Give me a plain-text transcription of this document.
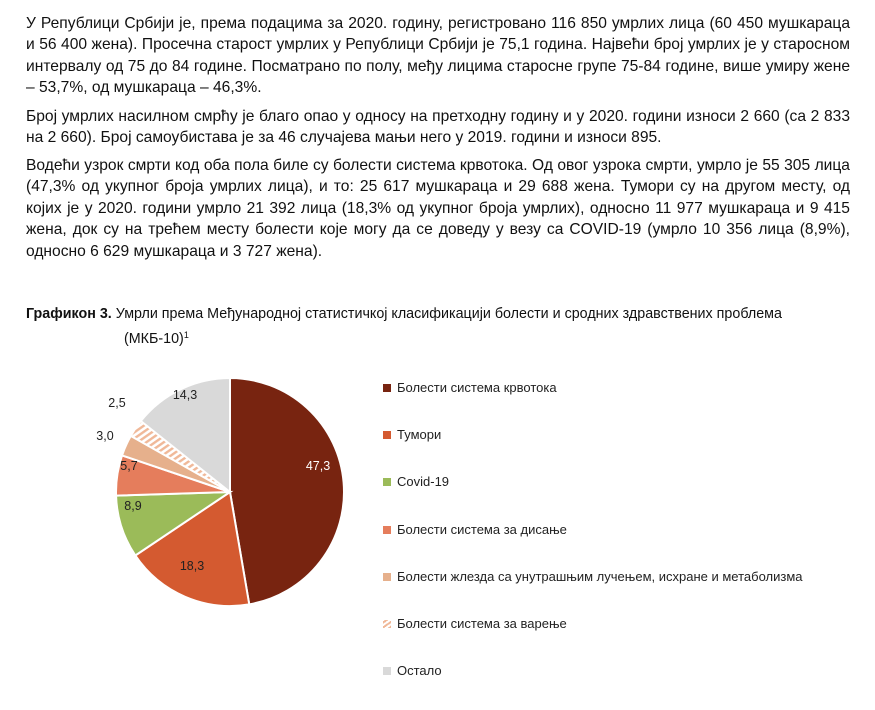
У Републици Србији је, према подацима за 2020. годину, регистровано 116 850 умрлих лица (60 450 мушкараца и 56 400 жена). Просечна старост умрлих у Републици Србији је 75,1 година. Највећи број умрлих је у старосном интервалу од 75 до 84 године. Посматрано по полу, међу лицима старосне групе 75-84 године, више умиру жене – 53,7%, од мушкараца – 46,3%.

Број умрлих насилном смрћу је благо опао у односу на претходну годину и у 2020. години износи 2 660 (са 2 833 на 2 660). Број самоубистава је за 46 случајева мањи него у 2019. години и износи 895.

Водећи узрок смрти код оба пола биле су болести система крвотока. Од овог узрока смрти, умрло је 55 305 лица (47,3% од укупног броја умрлих лица), и то: 25 617 мушкараца и 29 688 жена. Тумори су на другом месту, од којих је у 2020. години умрло 21 392 лица (18,3% од укупног броја умрлих), односно 11 977 мушкараца и 9 415 жена, док су на трећем месту болести које могу да се доведу у везу са COVID-19 (умрло 10 356 лица (8,9%), односно 6 629 мушкараца и 3 727 жена).

Графикон 3. Умрли према Међународној статистичкој класификацији болести и сродних здравствених проблема
$(МКБ-10)^1$

47,3
18,3
8,9
5,7
3,0
2,5
14,3	Болести система крвотока
Тумори
Covid-19
Болести система за дисање
Болести жлезда са унутрашњим лучењем, исхране и метаболизма
Болести система за варење
Остало
